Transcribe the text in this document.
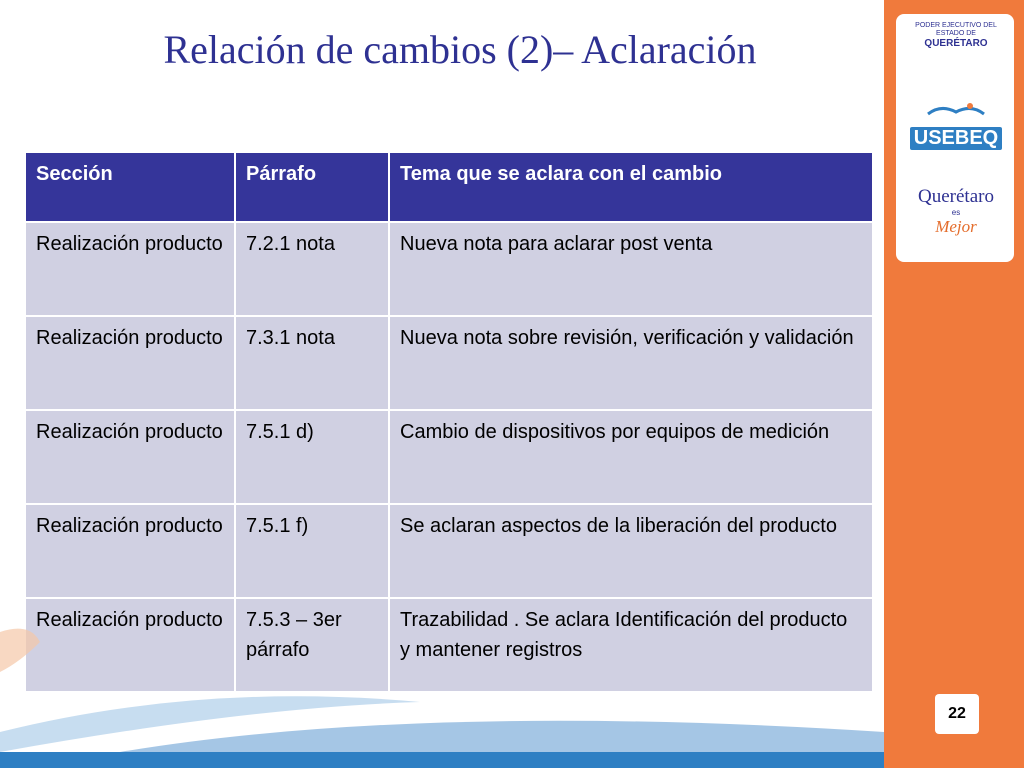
Relación de cambios (2)– Aclaración
Sección	Párrafo	Tema que se aclara con el cambio
Realización producto	7.2.1 nota	Nueva nota para aclarar post venta
Realización producto	7.3.1 nota	Nueva nota sobre revisión, verificación y validación
Realización producto	7.5.1 d)	Cambio de dispositivos por equipos de medición
Realización producto	7.5.1 f)	Se aclaran aspectos de la liberación del producto
Realización producto	7.5.3 – 3er párrafo	Trazabilidad . Se aclara Identificación del producto y mantener registros
PODER EJECUTIVO DEL ESTADO DE
QUERÉTARO
USEBEQ
Querétaro
es
Mejor
22
